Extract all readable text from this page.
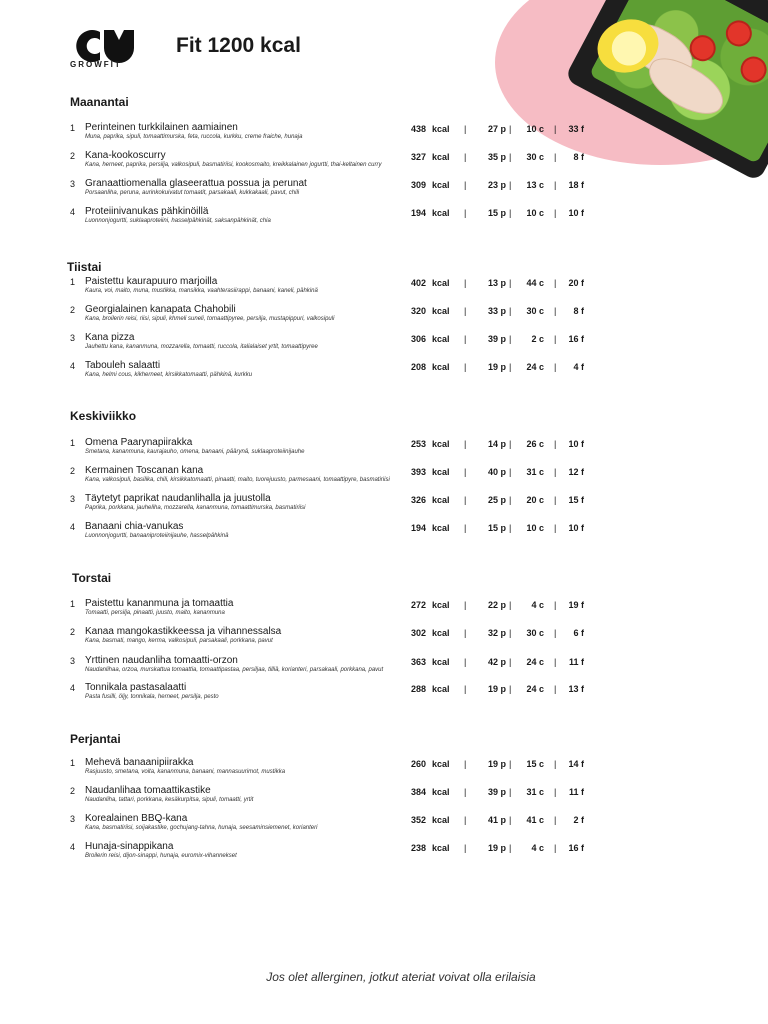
GROWFIT
Fit 1200 kcal
Maanantai
1 Perinteinen turkkilainen aamiainen
Muna, paprika, sipuli, tomaattimurska, feta, ruccola, kurkku, creme fraiche, hunaja
438 kcal |	27 p |	10 c |	33 f
2 Kana-kookoscurry
Kana, herneet, paprika, persilja, valkosipuli, basmatiriisi, kookosmaito, kreikkalainen jogurtti, thai-keltainen curry
327 kcal |	35 p |	30 c |	8 f
3 Granaattiomenalla glaseerattua possua ja perunat
Porsaanliha, peruna, aurinkokuivatut tomaatit, parsakaali, kukkakaali, pavut, chili
309 kcal |	23 p |	13 c |	18 f
4 Proteiinivanukas pähkinöillä
Luonnonjogurtti, suklaaproteiini, hasselpähkinät, saksanpähkinät, chia
194 kcal |	15 p |	10 c |	10 f
Tiistai
1 Paistettu kaurapuuro marjoilla
Kaura, voi, maito, muna, mustikka, mansikka, vaahterasiirappi, banaani, kaneli, pähkinä
402 kcal |	13 p |	44 c |	20 f
2 Georgialainen kanapata Chahobili
Kana, broilerin reisi, riisi, sipuli, khmeli suneli, tomaattipyree, persilja, mustapippuri, valkosipuli
320 kcal |	33 p |	30 c |	8 f
3 Kana pizza
Jauhettu kana, kananmuna, mozzarella, tomaatti, ruccola, italialaiset yrtit, tomaattipyree
306 kcal |	39 p |	2 c |	16 f
4 Tabouleh salaatti
Kana, helmi cous, kikherneet, kirsikkatomaatti, pähkinä, kurkku
208 kcal |	19 p |	24 c |	4 f
Keskiviikko
1 Omena Paarynapiirakka
Smetana, kananmuna, kaurajauho, omena, banaani, päärynä, suklaaproteiinijauhe
253 kcal |	14 p |	26 c |	10 f
2 Kermainen Toscanan kana
Kana, valkosipuli, basilika, chili, kirsikkatomaatti, pinaatti, maito, tuorejuusto, parmesaani, tomaattipyre, basmatiriisi
393 kcal |	40 p |	31 c |	12 f
3 Täytetyt paprikat naudanlihalla ja juustolla
Paprika, porkkana, jauheliha, mozzarella, kananmuna, tomaattimurska, basmatiriisi
326 kcal |	25 p |	20 c |	15 f
4 Banaani chia-vanukas
Luonnonjogurtti, banaaniproteiinijauhe, hasselpähkinä
194 kcal |	15 p |	10 c |	10 f
Torstai
1 Paistettu kananmuna ja tomaattia
Tomaatti, persilja, pinaatti, juusto, maito, kananmuna
272 kcal |	22 p |	4 c |	19 f
2 Kanaa mangokastikkeessa ja vihannessalsa
Kana, basmati, mango, kerma, valkosipuli, parsakaali, porkkana, pavut
302 kcal |	32 p |	30 c |	6 f
3 Yrttinen naudanliha tomaatti-orzon
Naudanlihaa, orzoa, murskattua tomaattia, tomaattipastaa, persiljaa, tilliä, korianteri, parsakaali, porkkana, pavut
363 kcal |	42 p |	24 c |	11 f
4 Tonnikala pastasalaatti
Pasta fusilli, öljy, tonnikala, herneet, persilja, pesto
288 kcal |	19 p |	24 c |	13 f
Perjantai
1 Mehevä banaanipiirakka
Rasjuusto, smetana, voita, kananmuna, banaani, mannasuurimot, mustikka
260 kcal |	19 p |	15 c |	14 f
2 Naudanlihaa tomaattikastike
Naudanliha, tattari, porkkana, kesäkurpitsa, sipuli, tomaatti, yrtit
384 kcal |	39 p |	31 c |	11 f
3 Korealainen BBQ-kana
Kana, basmatiriisi, soijakastike, gochujang-tahna, hunaja, seesaminsiemenet, korianteri
352 kcal |	41 p |	41 c |	2 f
4 Hunaja-sinappikana
Broilerin reisi, dijon-sinappi, hunaja, euromix-vihannekset
238 kcal |	19 p |	4 c |	16 f
Jos olet allerginen, jotkut ateriat voivat olla erilaisia
